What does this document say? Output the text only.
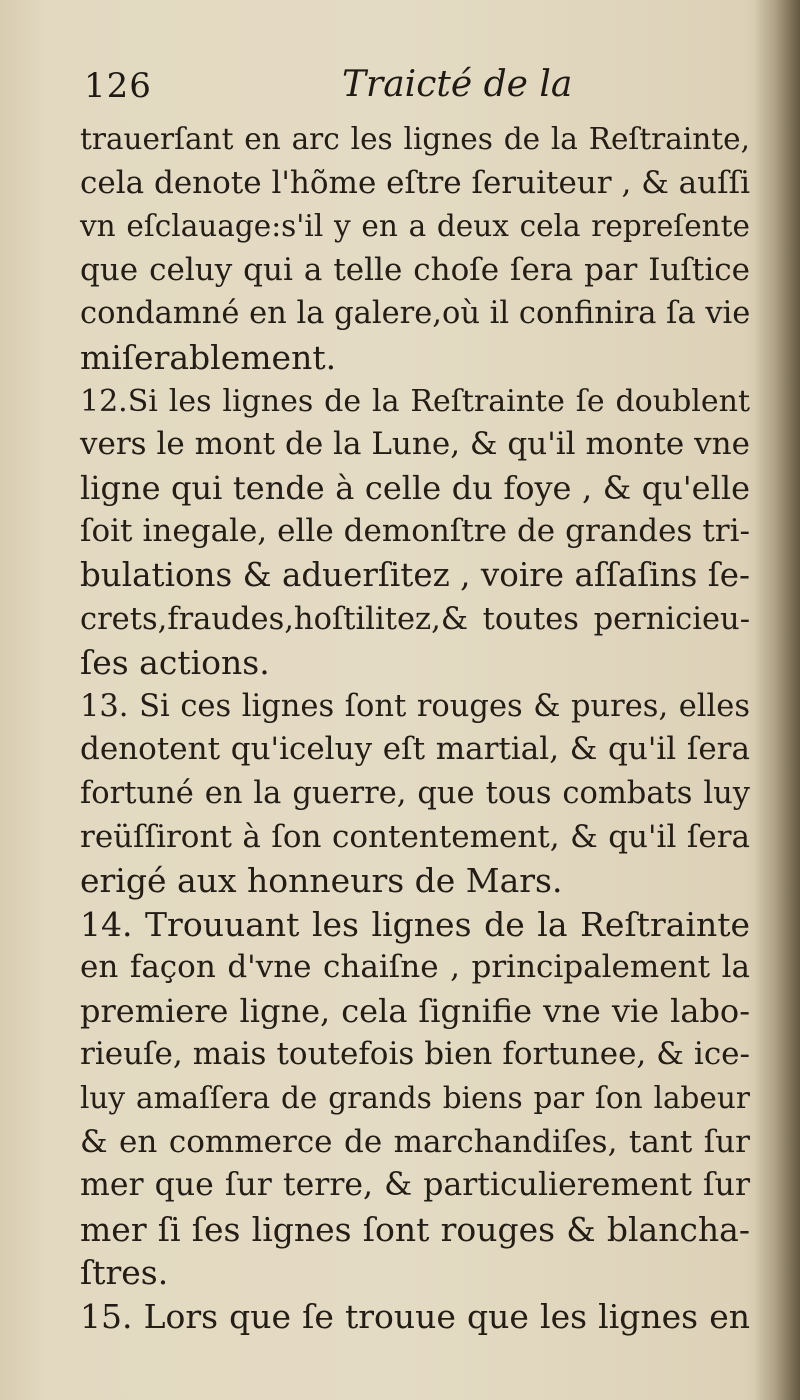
126	Traicté de la
trauerſant en arc les lignes de la Reſtrainte,
cela denote l'hõme eſtre ſeruiteur , & auſſi
vn eſclauage:s'il y en a deux cela repreſente
que celuy qui a telle choſe ſera par Iuſtice
condamné en la galere,où il confinira ſa vie
miſerablement.
12.Si les lignes de la Reſtrainte ſe doublent
vers le mont de la Lune, & qu'il monte vne
ligne qui tende à celle du foye , & qu'elle
ſoit inegale, elle demonſtre de grandes tri-
bulations & aduerſitez , voire aſſaſins ſe-
crets,fraudes,hoſtilitez,& toutes pernicieu-
ſes actions.
13. Si ces lignes ſont rouges & pures, elles
denotent qu'iceluy eſt martial, & qu'il ſera
fortuné en la guerre, que tous combats luy
reüſſiront à ſon contentement, & qu'il ſera
erigé aux honneurs de Mars.
14. Trouuant les lignes de la Reſtrainte
en façon d'vne chaiſne , principalement la
premiere ligne, cela ſignifie vne vie labo-
rieuſe, mais toutefois bien fortunee, & ice-
luy amaſſera de grands biens par ſon labeur
& en commerce de marchandiſes, tant ſur
mer que ſur terre, & particulierement ſur
mer ſi ſes lignes ſont rouges & blancha-
ſtres.
15. Lors que ſe trouue que les lignes en
